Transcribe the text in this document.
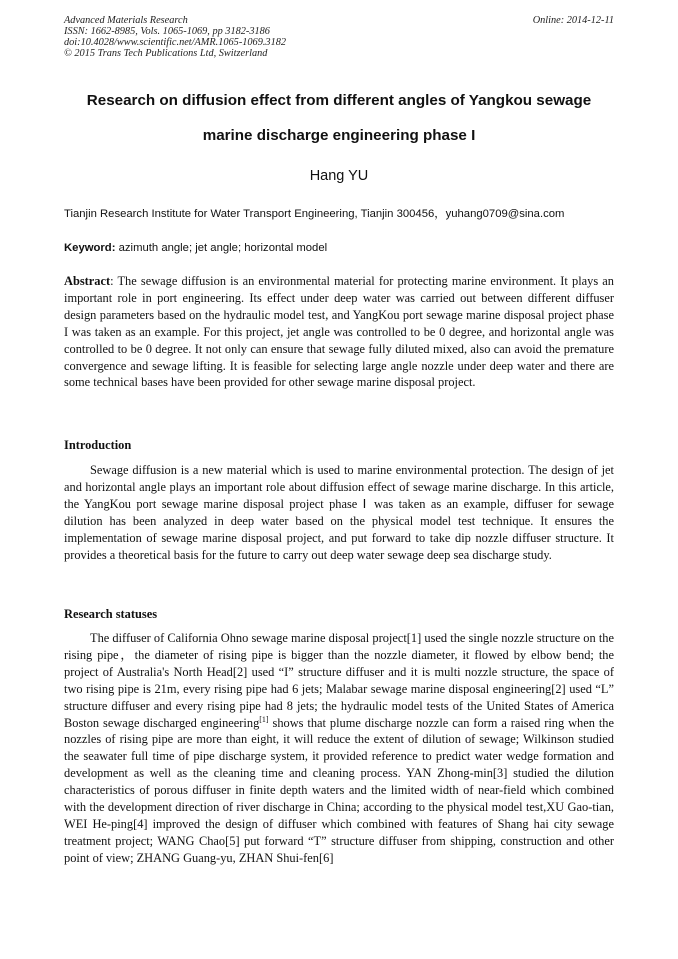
Advanced Materials Research
ISSN: 1662-8985, Vols. 1065-1069, pp 3182-3186
doi:10.4028/www.scientific.net/AMR.1065-1069.3182
© 2015 Trans Tech Publications Ltd, Switzerland
Online: 2014-12-11
Research on diffusion effect from different angles of Yangkou sewage
marine discharge engineering phase I
Hang YU
Tianjin Research Institute for Water Transport Engineering, Tianjin 300456，yuhang0709@sina.com
Keyword: azimuth angle; jet angle; horizontal model
Abstract: The sewage diffusion is an environmental material for protecting marine environment. It plays an important role in port engineering. Its effect under deep water was carried out between different diffuser design parameters based on the hydraulic model test, and YangKou port sewage marine disposal project phase I was taken as an example. For this project, jet angle was controlled to be 0 degree, and horizontal angle was controlled to be 0 degree. It not only can ensure that sewage fully diluted mixed, also can avoid the premature convergence and sewage lifting. It is feasible for selecting large angle nozzle under deep water and there are some technical bases have been provided for other sewage marine disposal project.
Introduction
Sewage diffusion is a new material which is used to marine environmental protection. The design of jet and horizontal angle plays an important role about diffusion effect of sewage marine discharge. In this article, the YangKou port sewage marine disposal project phase Ⅰ was taken as an example, diffuser for sewage dilution has been analyzed in deep water based on the physical model test technique. It ensures the implementation of sewage marine disposal project, and put forward to take dip nozzle diffuser structure. It provides a theoretical basis for the future to carry out deep water sewage deep sea discharge study.
Research statuses
The diffuser of California Ohno sewage marine disposal project[1] used the single nozzle structure on the rising pipe，the diameter of rising pipe is bigger than the nozzle diameter, it flowed by elbow bend; the project of Australia's North Head[2] used “I” structure diffuser and it is multi nozzle structure, the space of two rising pipe is 21m, every rising pipe had 6 jets; Malabar sewage marine disposal engineering[2] used “L” structure diffuser and every rising pipe had 8 jets; the hydraulic model tests of the United States of America Boston sewage discharged engineering[1] shows that plume discharge nozzle can form a raised ring when the nozzles of rising pipe are more than eight, it will reduce the extent of dilution of sewage; Wilkinson studied the seawater full time of pipe discharge system, it provided reference to predict water wedge formation and development as well as the cleaning time and cleaning process. YAN Zhong-min[3] studied the dilution characteristics of porous diffuser in finite depth waters and the limited width of near-field which combined with the development direction of river discharge in China; according to the physical model test,XU Gao-tian, WEI He-ping[4] improved the design of diffuser which combined with features of Shang hai city sewage treatment project; WANG Chao[5] put forward “T” structure diffuser from shipping, construction and other point of view; ZHANG Guang-yu, ZHAN Shui-fen[6]
